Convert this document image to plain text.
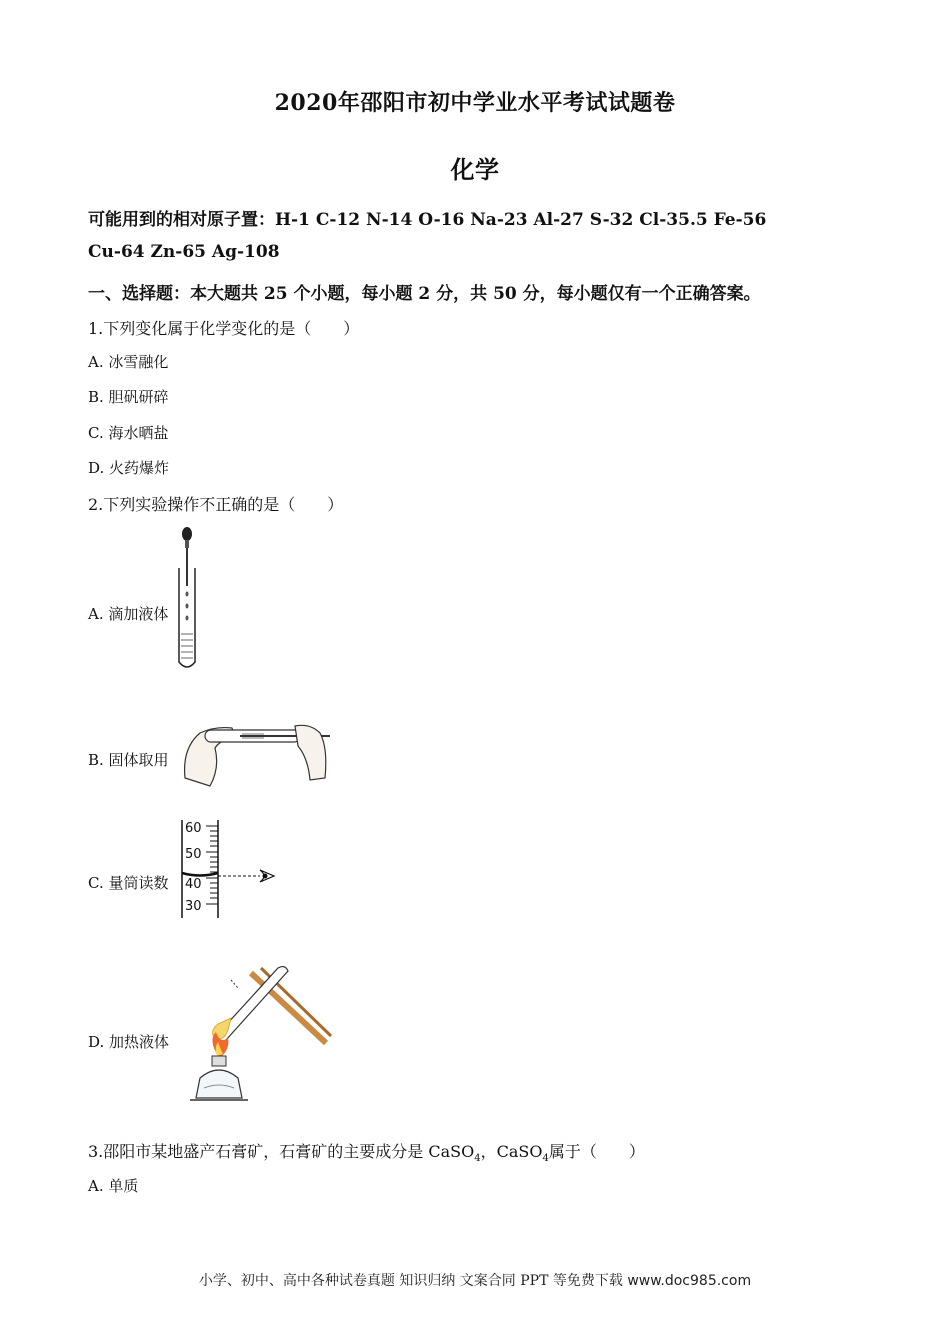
2020年邵阳市初中学业水平考试试题卷
化学
可能用到的相对原子置：H-1 C-12 N-14 O-16 Na-23 Al-27 S-32 Cl-35.5 Fe-56
Cu-64 Zn-65 Ag-108
一、选择题：本大题共 25 个小题，每小题 2 分，共 50 分，每小题仅有一个正确答案。
1.下列变化属于化学变化的是（　　）
A. 冰雪融化
B. 胆矾研碎
C. 海水晒盐
D. 火药爆炸
2.下列实验操作不正确的是（　　）
A. 滴加液体
B. 固体取用
C. 量筒读数
60
50
40
30
D. 加热液体
3.邵阳市某地盛产石膏矿，石膏矿的主要成分是 CaSO$_4$，CaSO$_4$属于（　　）
A. 单质
小学、初中、高中各种试卷真题 知识归纳 文案合同 PPT 等免费下载 www.doc985.com
